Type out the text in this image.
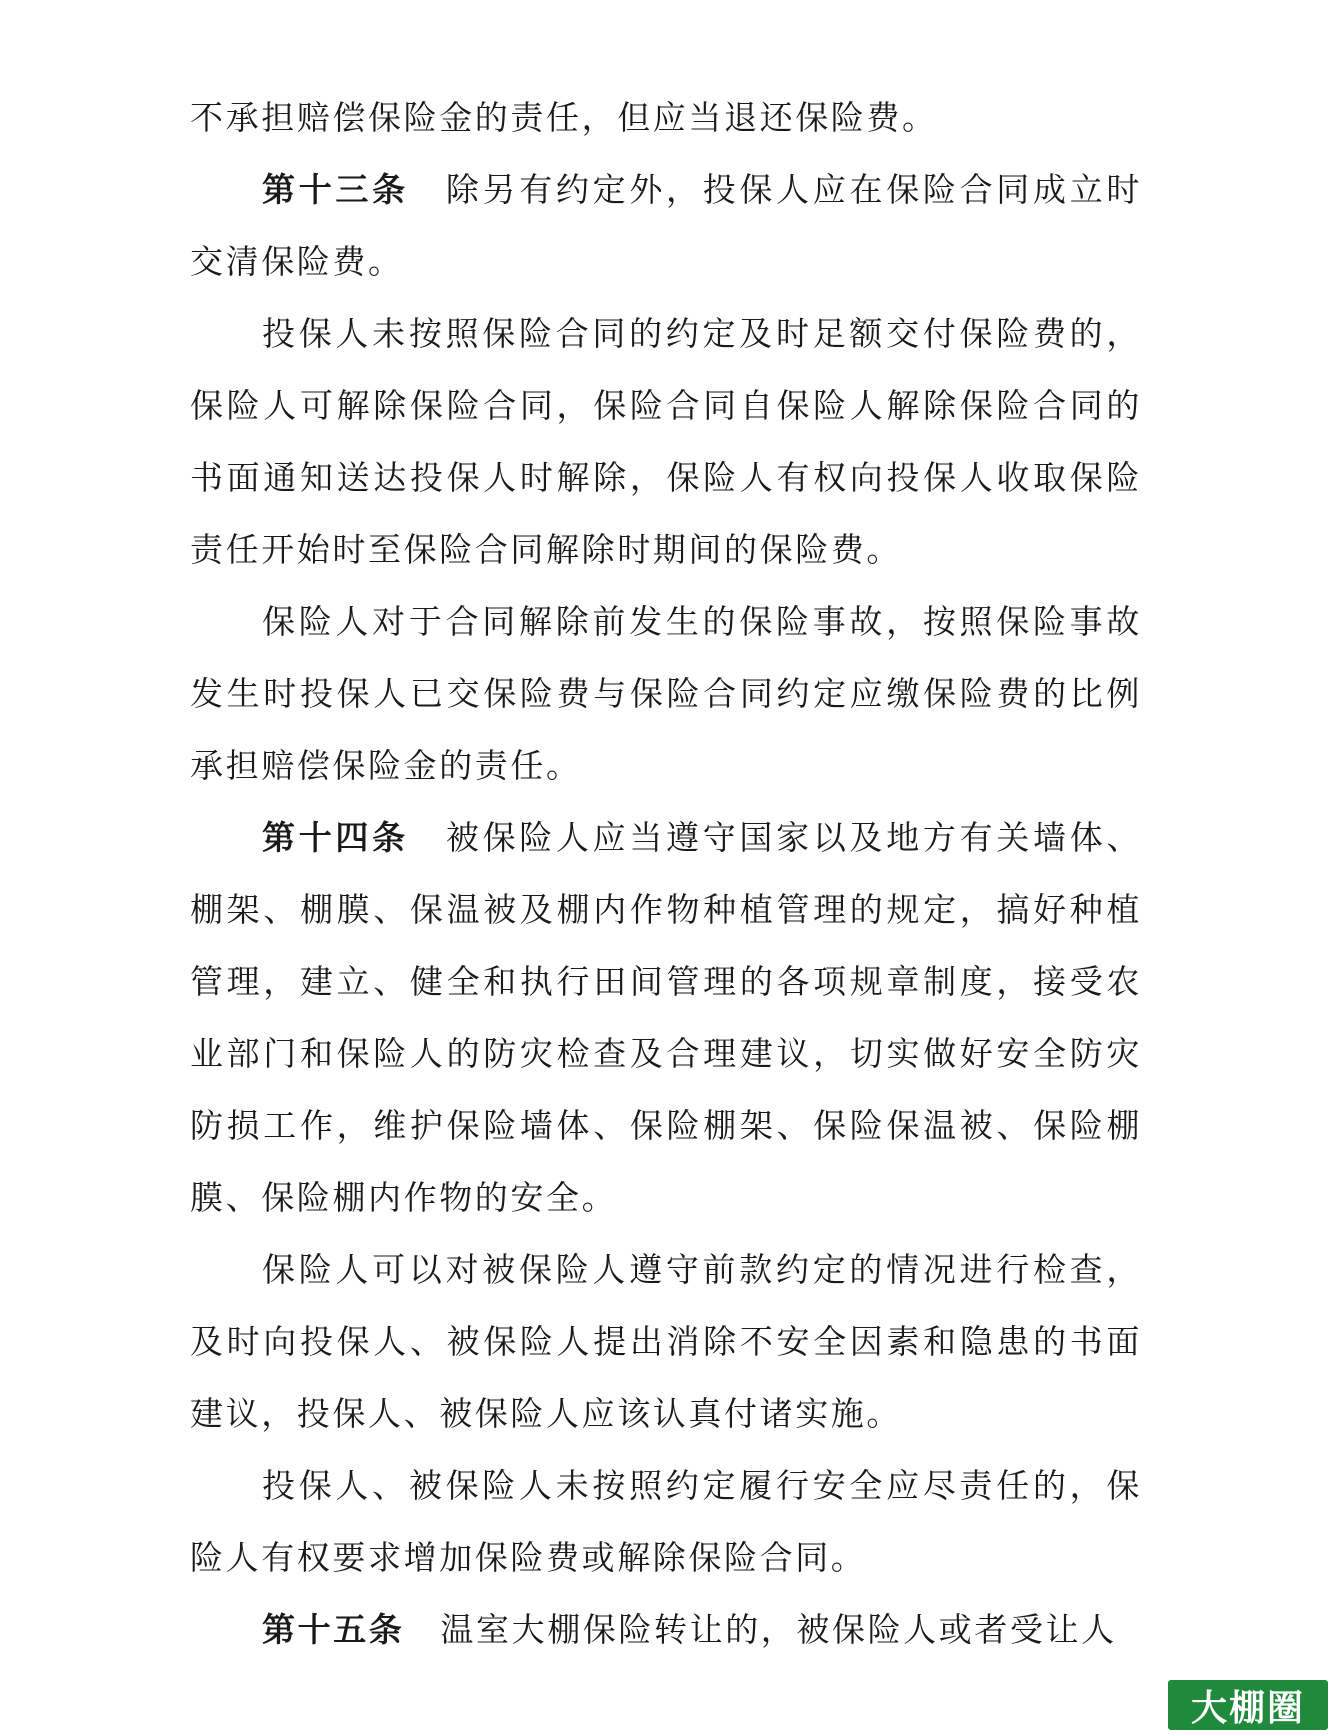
不承担赔偿保险金的责任，但应当退还保险费。

第十三条 除另有约定外，投保人应在保险合同成立时交清保险费。

投保人未按照保险合同的约定及时足额交付保险费的，保险人可解除保险合同，保险合同自保险人解除保险合同的书面通知送达投保人时解除，保险人有权向投保人收取保险责任开始时至保险合同解除时期间的保险费。

保险人对于合同解除前发生的保险事故，按照保险事故发生时投保人已交保险费与保险合同约定应缴保险费的比例承担赔偿保险金的责任。

第十四条 被保险人应当遵守国家以及地方有关墙体、棚架、棚膜、保温被及棚内作物种植管理的规定，搞好种植管理，建立、健全和执行田间管理的各项规章制度，接受农业部门和保险人的防灾检查及合理建议，切实做好安全防灾防损工作，维护保险墙体、保险棚架、保险保温被、保险棚膜、保险棚内作物的安全。

保险人可以对被保险人遵守前款约定的情况进行检查，及时向投保人、被保险人提出消除不安全因素和隐患的书面建议，投保人、被保险人应该认真付诸实施。

投保人、被保险人未按照约定履行安全应尽责任的，保险人有权要求增加保险费或解除保险合同。

第十五条 温室大棚保险转让的，被保险人或者受让人

大棚圈
